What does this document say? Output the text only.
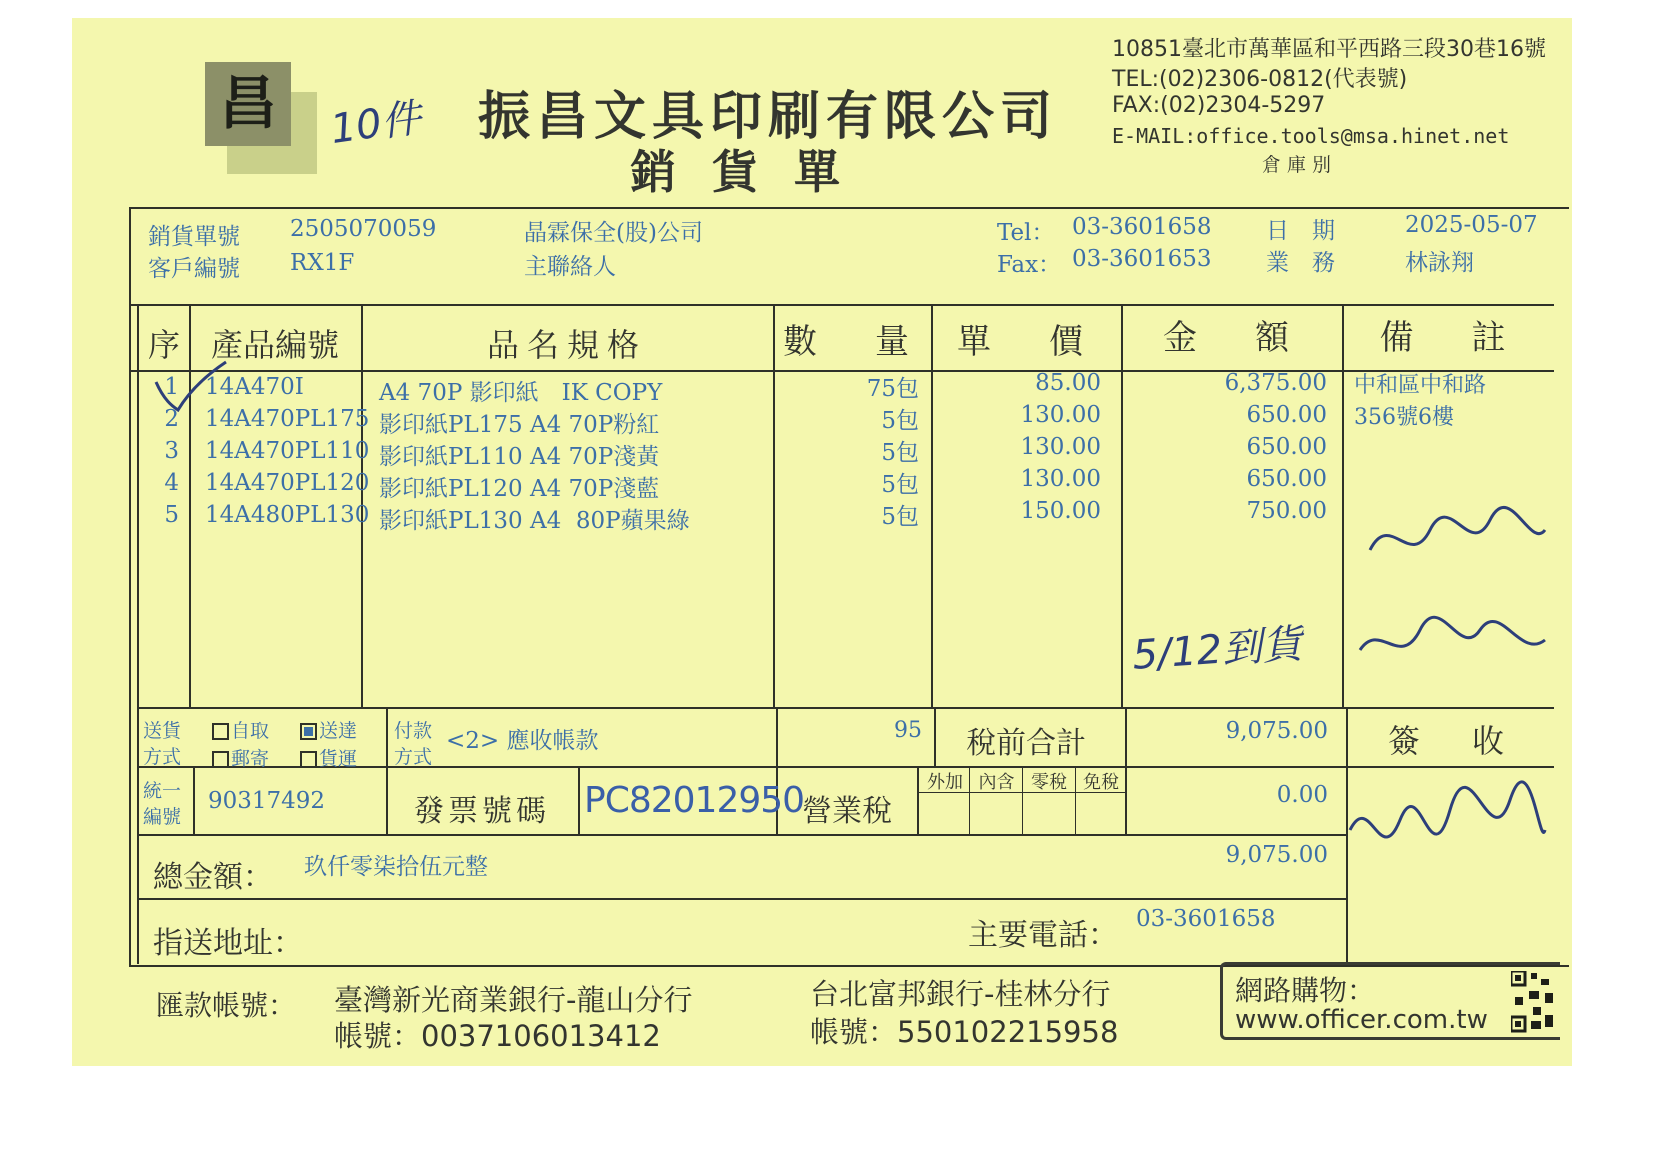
昌	10件 振昌文具印刷有限公司
銷 貨 單
10851臺北市萬華區和平西路三段30巷16號
TEL:(02)2306-0812(代表號)
FAX:(02)2304-5297
E-MAIL:office.tools@msa.hinet.net
倉庫別
銷貨單號 2505070059
客戶編號 RX1F
晶霖保全(股)公司
主聯絡人
Tel： 03-3601658
Fax： 03-3601653
日　期	2025-05-07
業　務	林詠翔
序 產品編號	品名規格	數　量	單　價	金　額	備　註
1 14A470I	A4 70P 影印紙　IK COPY	75包	85.00	6,375.00
2 14A470PL175 影印紙PL175 A4 70P粉紅	5包	130.00	650.00
3 14A470PL110 影印紙PL110 A4 70P淺黃	5包	130.00	650.00
4 14A470PL120 影印紙PL120 A4 70P淺藍	5包	130.00	650.00
5 14A480PL130 影印紙PL130 A4  80P蘋果綠	5包	150.00	750.00
中和區中和路
356號6樓
5/12到貨
送貨
方式
自取	送達
郵寄	貨運
付款
方式
<2> 應收帳款	95 稅前合計	9,075.00	簽　收
統一
編號
90317492	發票號碼 PC82012950
營業稅
外加 內含 零稅 免稅	0.00
總金額： 玖仟零柒拾伍元整	9,075.00
指送地址：	主要電話： 03-3601658
匯款帳號： 臺灣新光商業銀行-龍山分行
帳號：0037106013412
台北富邦銀行-桂林分行
帳號：550102215958
網路購物：
www.officer.com.tw
